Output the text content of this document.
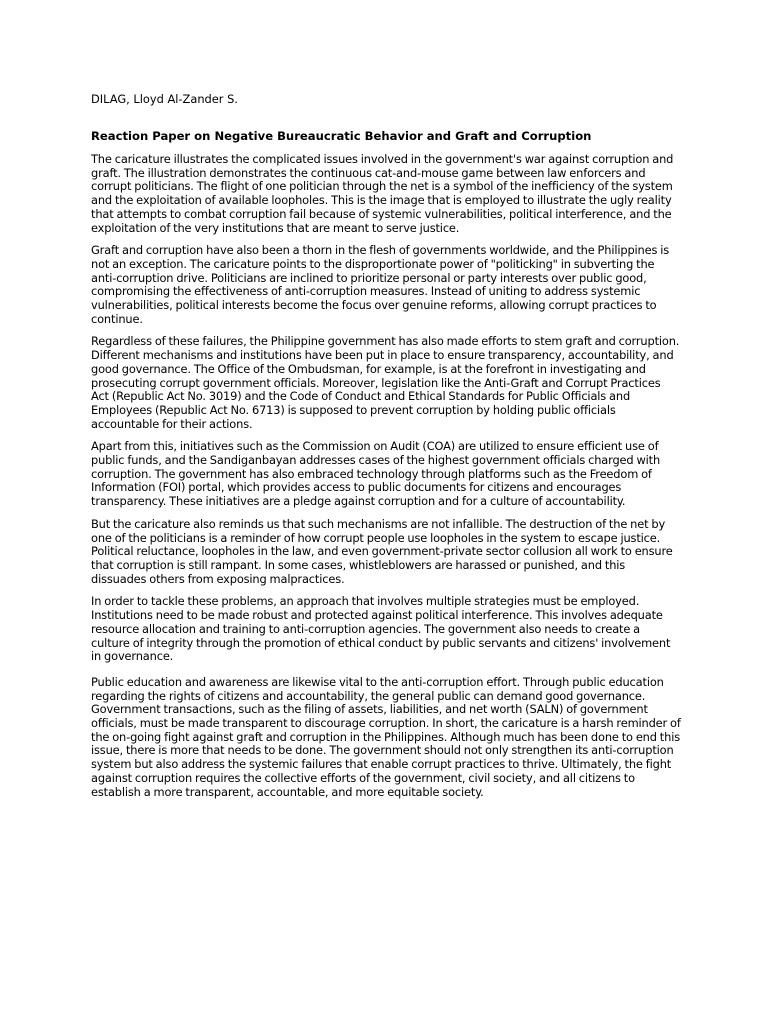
DILAG, Lloyd Al-Zander S.

Reaction Paper on Negative Bureaucratic Behavior and Graft and Corruption

The caricature illustrates the complicated issues involved in the government's war against corruption and graft. The illustration demonstrates the continuous cat-and-mouse game between law enforcers and corrupt politicians. The flight of one politician through the net is a symbol of the inefficiency of the system and the exploitation of available loopholes. This is the image that is employed to illustrate the ugly reality that attempts to combat corruption fail because of systemic vulnerabilities, political interference, and the exploitation of the very institutions that are meant to serve justice.

Graft and corruption have also been a thorn in the flesh of governments worldwide, and the Philippines is not an exception. The caricature points to the disproportionate power of "politicking" in subverting the anti-corruption drive. Politicians are inclined to prioritize personal or party interests over public good, compromising the effectiveness of anti-corruption measures. Instead of uniting to address systemic vulnerabilities, political interests become the focus over genuine reforms, allowing corrupt practices to continue.

Regardless of these failures, the Philippine government has also made efforts to stem graft and corruption. Different mechanisms and institutions have been put in place to ensure transparency, accountability, and good governance. The Office of the Ombudsman, for example, is at the forefront in investigating and prosecuting corrupt government officials. Moreover, legislation like the Anti-Graft and Corrupt Practices Act (Republic Act No. 3019) and the Code of Conduct and Ethical Standards for Public Officials and Employees (Republic Act No. 6713) is supposed to prevent corruption by holding public officials accountable for their actions.

Apart from this, initiatives such as the Commission on Audit (COA) are utilized to ensure efficient use of public funds, and the Sandiganbayan addresses cases of the highest government officials charged with corruption. The government has also embraced technology through platforms such as the Freedom of Information (FOI) portal, which provides access to public documents for citizens and encourages transparency. These initiatives are a pledge against corruption and for a culture of accountability.

But the caricature also reminds us that such mechanisms are not infallible. The destruction of the net by one of the politicians is a reminder of how corrupt people use loopholes in the system to escape justice. Political reluctance, loopholes in the law, and even government-private sector collusion all work to ensure that corruption is still rampant. In some cases, whistleblowers are harassed or punished, and this dissuades others from exposing malpractices.

In order to tackle these problems, an approach that involves multiple strategies must be employed. Institutions need to be made robust and protected against political interference. This involves adequate resource allocation and training to anti-corruption agencies. The government also needs to create a culture of integrity through the promotion of ethical conduct by public servants and citizens' involvement in governance.

Public education and awareness are likewise vital to the anti-corruption effort. Through public education regarding the rights of citizens and accountability, the general public can demand good governance. Government transactions, such as the filing of assets, liabilities, and net worth (SALN) of government officials, must be made transparent to discourage corruption. In short, the caricature is a harsh reminder of the on-going fight against graft and corruption in the Philippines. Although much has been done to end this issue, there is more that needs to be done. The government should not only strengthen its anti-corruption system but also address the systemic failures that enable corrupt practices to thrive. Ultimately, the fight against corruption requires the collective efforts of the government, civil society, and all citizens to establish a more transparent, accountable, and more equitable society.
